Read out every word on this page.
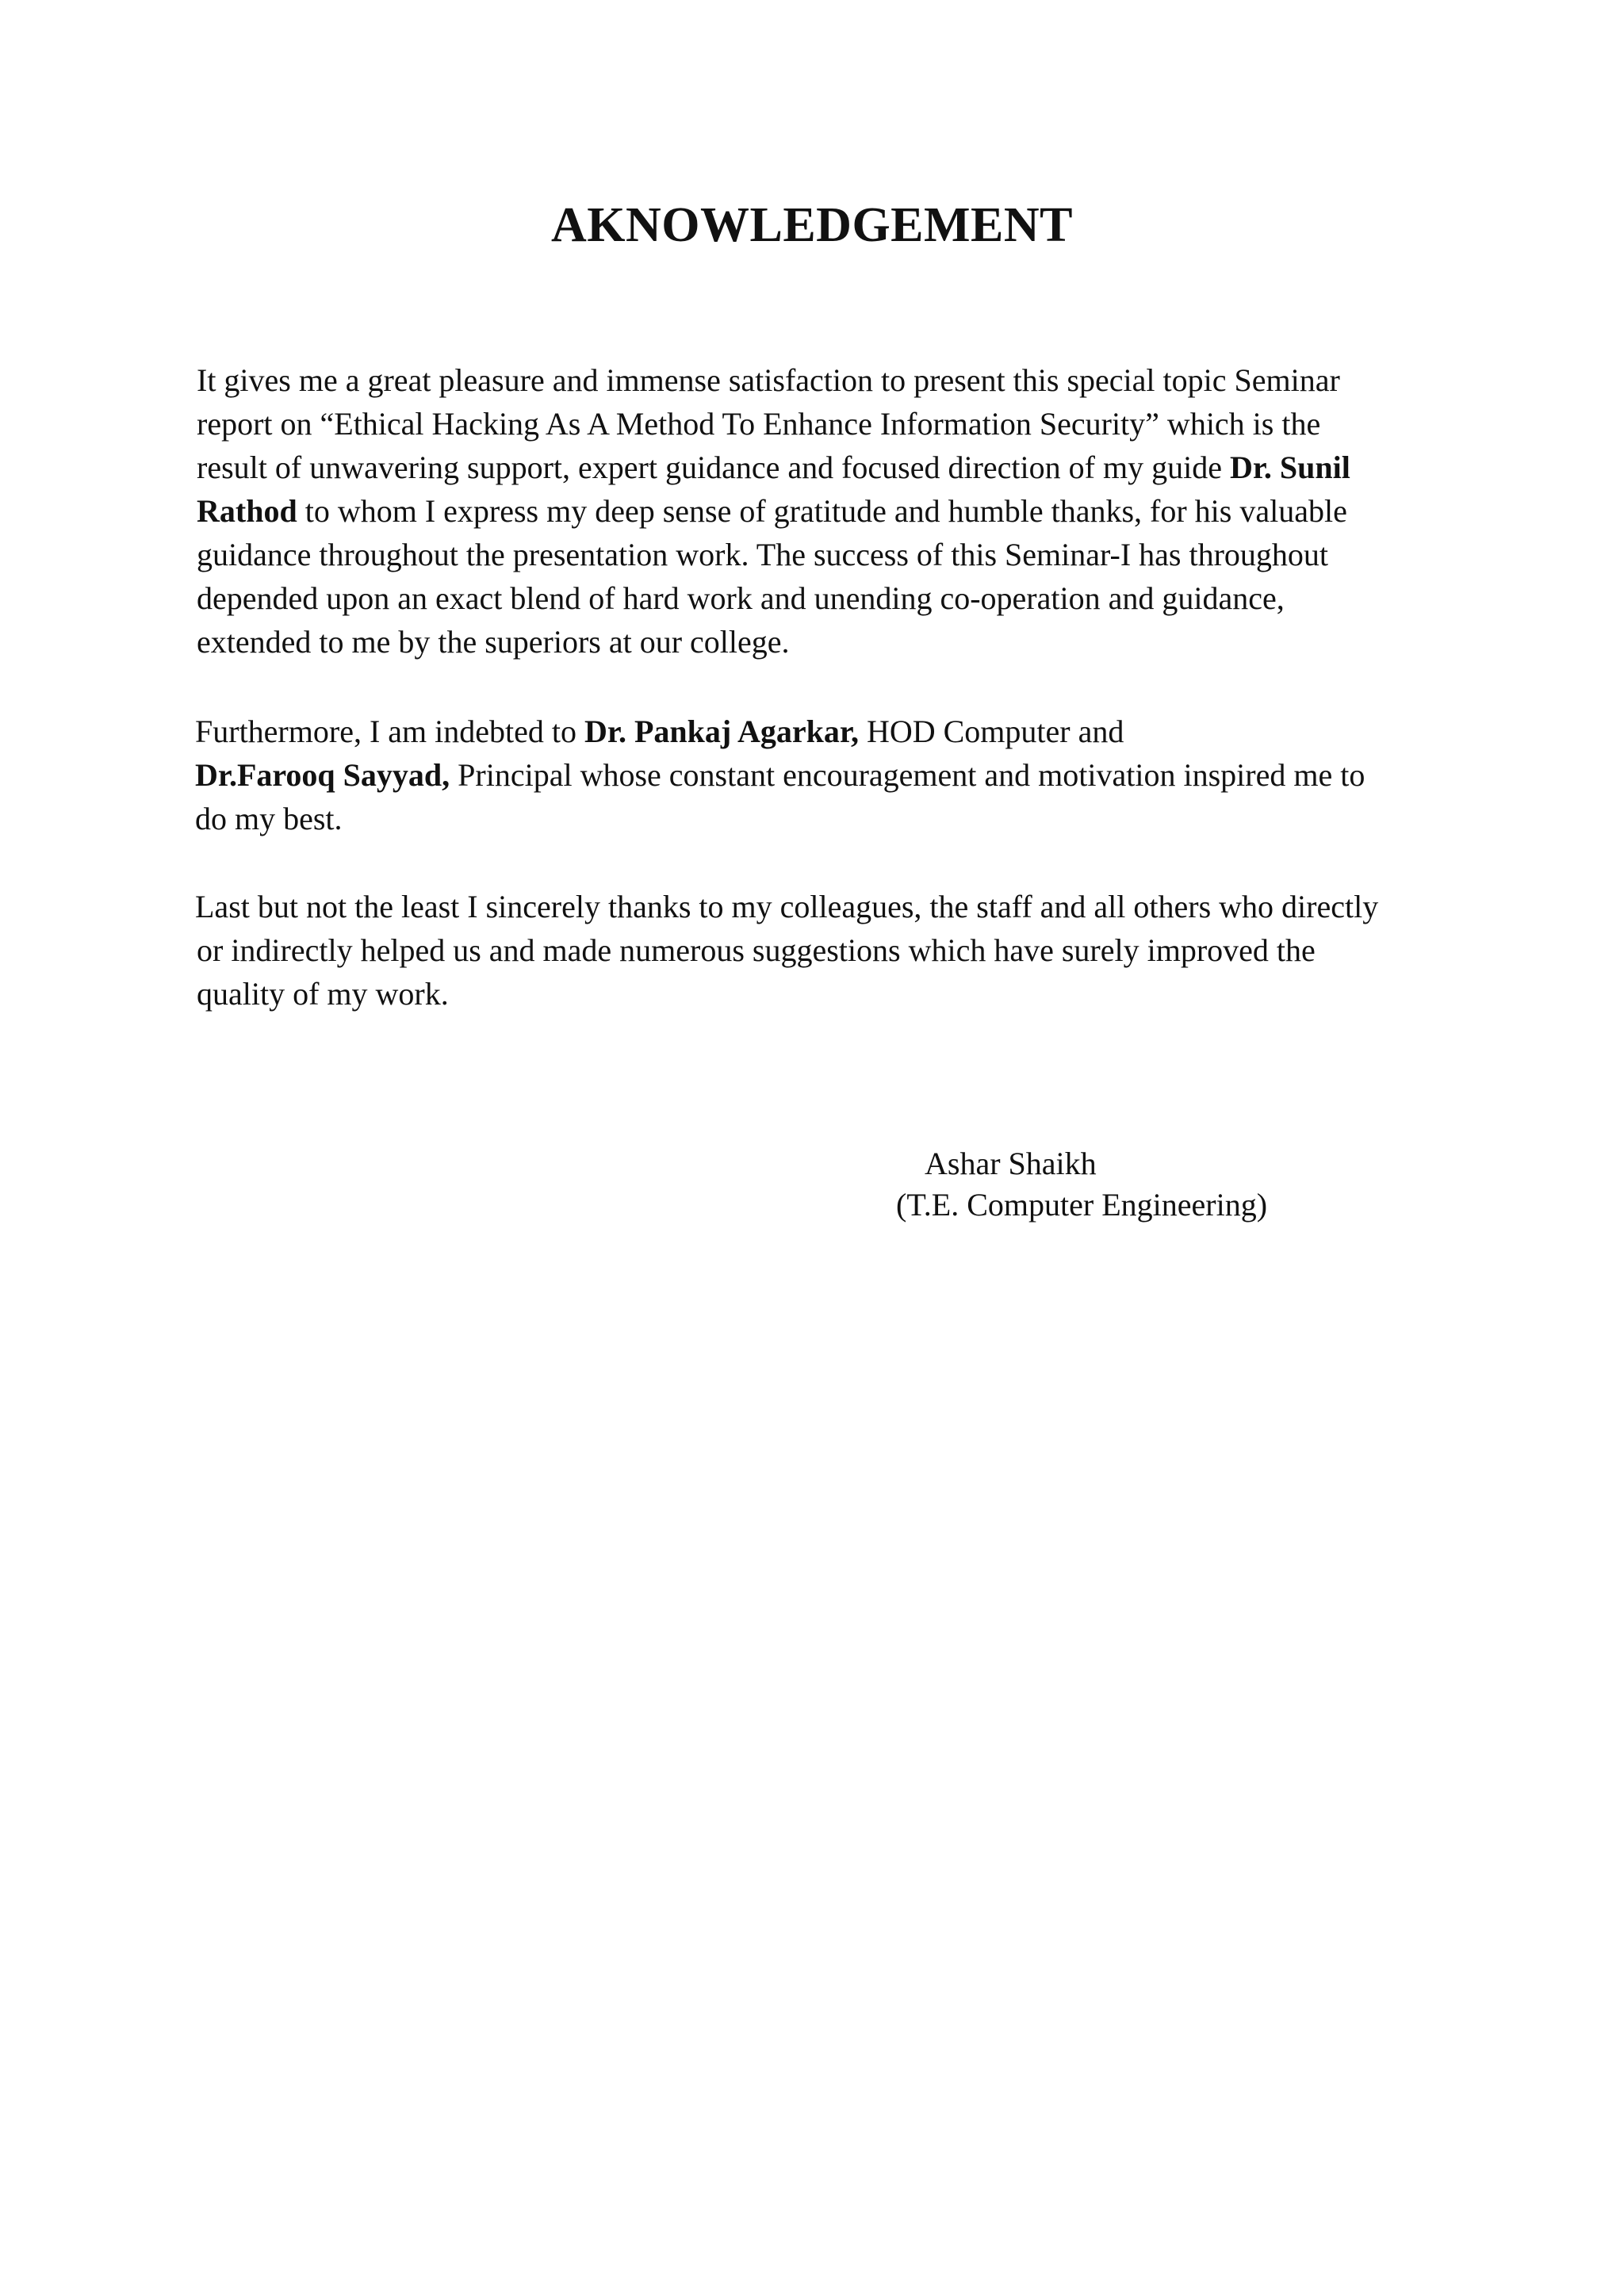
AKNOWLEDGEMENT

It gives me a great pleasure and immense satisfaction to present this special topic Seminar
report on “Ethical Hacking As A Method To Enhance Information Security” which is the
result of unwavering support, expert guidance and focused direction of my guide Dr. Sunil
Rathod to whom I express my deep sense of gratitude and humble thanks, for his valuable
guidance throughout the presentation work. The success of this Seminar-I has throughout
depended upon an exact blend of hard work and unending co-operation and guidance,
extended to me by the superiors at our college.

Furthermore, I am indebted to Dr. Pankaj Agarkar, HOD Computer and
Dr.Farooq Sayyad, Principal whose constant encouragement and motivation inspired me to
do my best.

Last but not the least I sincerely thanks to my colleagues, the staff and all others who directly
or indirectly helped us and made numerous suggestions which have surely improved the
quality of my work.

Ashar Shaikh
(T.E. Computer Engineering)
